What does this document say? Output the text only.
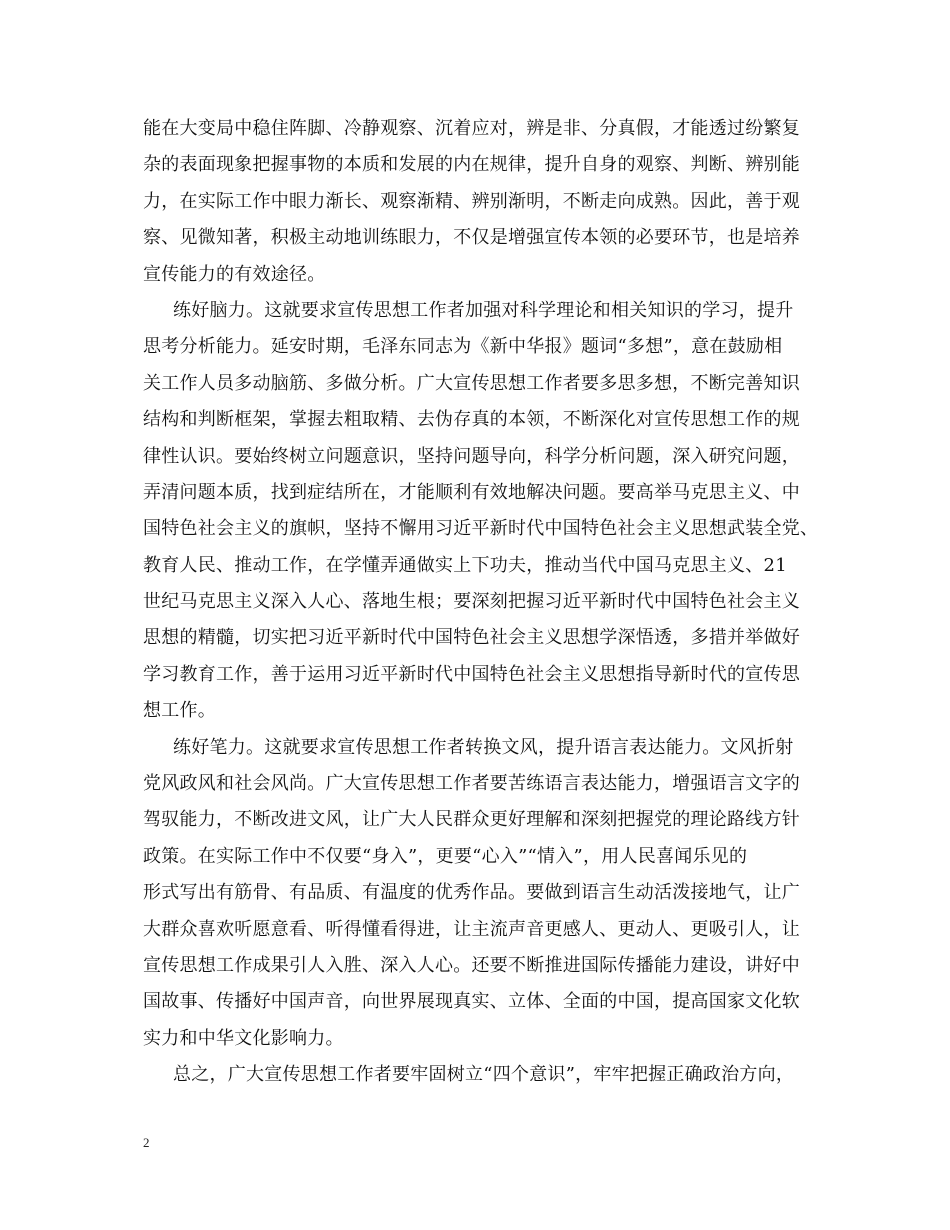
能在大变局中稳住阵脚、冷静观察、沉着应对，辨是非、分真假，才能透过纷繁复
杂的表面现象把握事物的本质和发展的内在规律，提升自身的观察、判断、辨别能
力，在实际工作中眼力渐长、观察渐精、辨别渐明，不断走向成熟。因此，善于观
察、见微知著，积极主动地训练眼力，不仅是增强宣传本领的必要环节，也是培养
宣传能力的有效途径。
练好脑力。这就要求宣传思想工作者加强对科学理论和相关知识的学习，提升
思考分析能力。延安时期，毛泽东同志为《新中华报》题词“多想”，意在鼓励相
关工作人员多动脑筋、多做分析。广大宣传思想工作者要多思多想，不断完善知识
结构和判断框架，掌握去粗取精、去伪存真的本领，不断深化对宣传思想工作的规
律性认识。要始终树立问题意识，坚持问题导向，科学分析问题，深入研究问题，
弄清问题本质，找到症结所在，才能顺利有效地解决问题。要高举马克思主义、中
国特色社会主义的旗帜，坚持不懈用习近平新时代中国特色社会主义思想武装全党、
教育人民、推动工作，在学懂弄通做实上下功夫，推动当代中国马克思主义、21
世纪马克思主义深入人心、落地生根；要深刻把握习近平新时代中国特色社会主义
思想的精髓，切实把习近平新时代中国特色社会主义思想学深悟透，多措并举做好
学习教育工作，善于运用习近平新时代中国特色社会主义思想指导新时代的宣传思
想工作。
练好笔力。这就要求宣传思想工作者转换文风，提升语言表达能力。文风折射
党风政风和社会风尚。广大宣传思想工作者要苦练语言表达能力，增强语言文字的
驾驭能力，不断改进文风，让广大人民群众更好理解和深刻把握党的理论路线方针
政策。在实际工作中不仅要“身入”，更要“心入”“情入”，用人民喜闻乐见的
形式写出有筋骨、有品质、有温度的优秀作品。要做到语言生动活泼接地气，让广
大群众喜欢听愿意看、听得懂看得进，让主流声音更感人、更动人、更吸引人，让
宣传思想工作成果引人入胜、深入人心。还要不断推进国际传播能力建设，讲好中
国故事、传播好中国声音，向世界展现真实、立体、全面的中国，提高国家文化软
实力和中华文化影响力。
总之，广大宣传思想工作者要牢固树立“四个意识”，牢牢把握正确政治方向，
2
